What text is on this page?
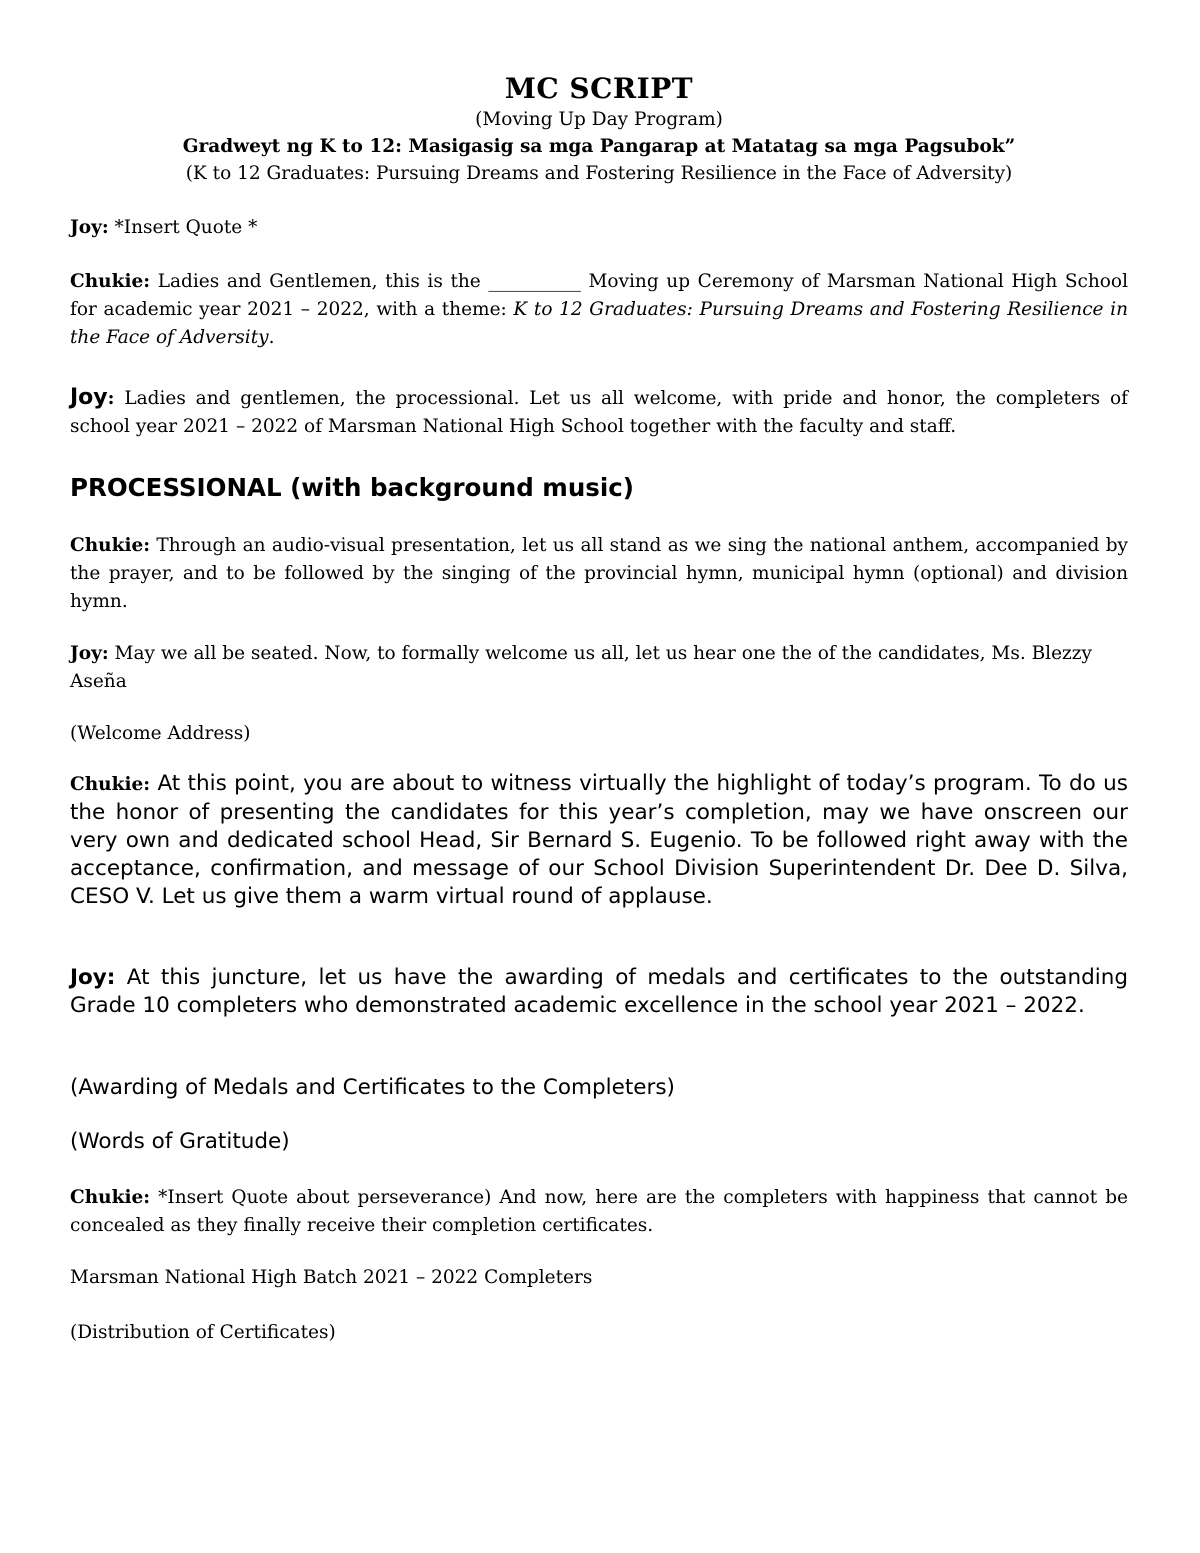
MC SCRIPT
(Moving Up Day Program)
Gradweyt ng K to 12: Masigasig sa mga Pangarap at Matatag sa mga Pagsubok”
(K to 12 Graduates: Pursuing Dreams and Fostering Resilience in the Face of Adversity)
Joy: *Insert Quote *
Chukie: Ladies and Gentlemen, this is the __________ Moving up Ceremony of Marsman National High School for academic year 2021 – 2022, with a theme: K to 12 Graduates: Pursuing Dreams and Fostering Resilience in the Face of Adversity.
Joy: Ladies and gentlemen, the processional. Let us all welcome, with pride and honor, the completers of school year 2021 – 2022 of Marsman National High School together with the faculty and staff.
PROCESSIONAL (with background music)
Chukie: Through an audio-visual presentation, let us all stand as we sing the national anthem, accompanied by the prayer, and to be followed by the singing of the provincial hymn, municipal hymn (optional) and division hymn.
Joy: May we all be seated. Now, to formally welcome us all, let us hear one the of the candidates, Ms. Blezzy Aseña
(Welcome Address)
Chukie: At this point, you are about to witness virtually the highlight of today’s program. To do us the honor of presenting the candidates for this year’s completion, may we have onscreen our very own and dedicated school Head, Sir Bernard S. Eugenio. To be followed right away with the acceptance, confirmation, and message of our School Division Superintendent Dr. Dee D. Silva, CESO V. Let us give them a warm virtual round of applause.
Joy: At this juncture, let us have the awarding of medals and certificates to the outstanding Grade 10 completers who demonstrated academic excellence in the school year 2021 – 2022.
(Awarding of Medals and Certificates to the Completers)
(Words of Gratitude)
Chukie: *Insert Quote about perseverance) And now, here are the completers with happiness that cannot be concealed as they finally receive their completion certificates.
Marsman National High Batch 2021 – 2022 Completers
(Distribution of Certificates)
